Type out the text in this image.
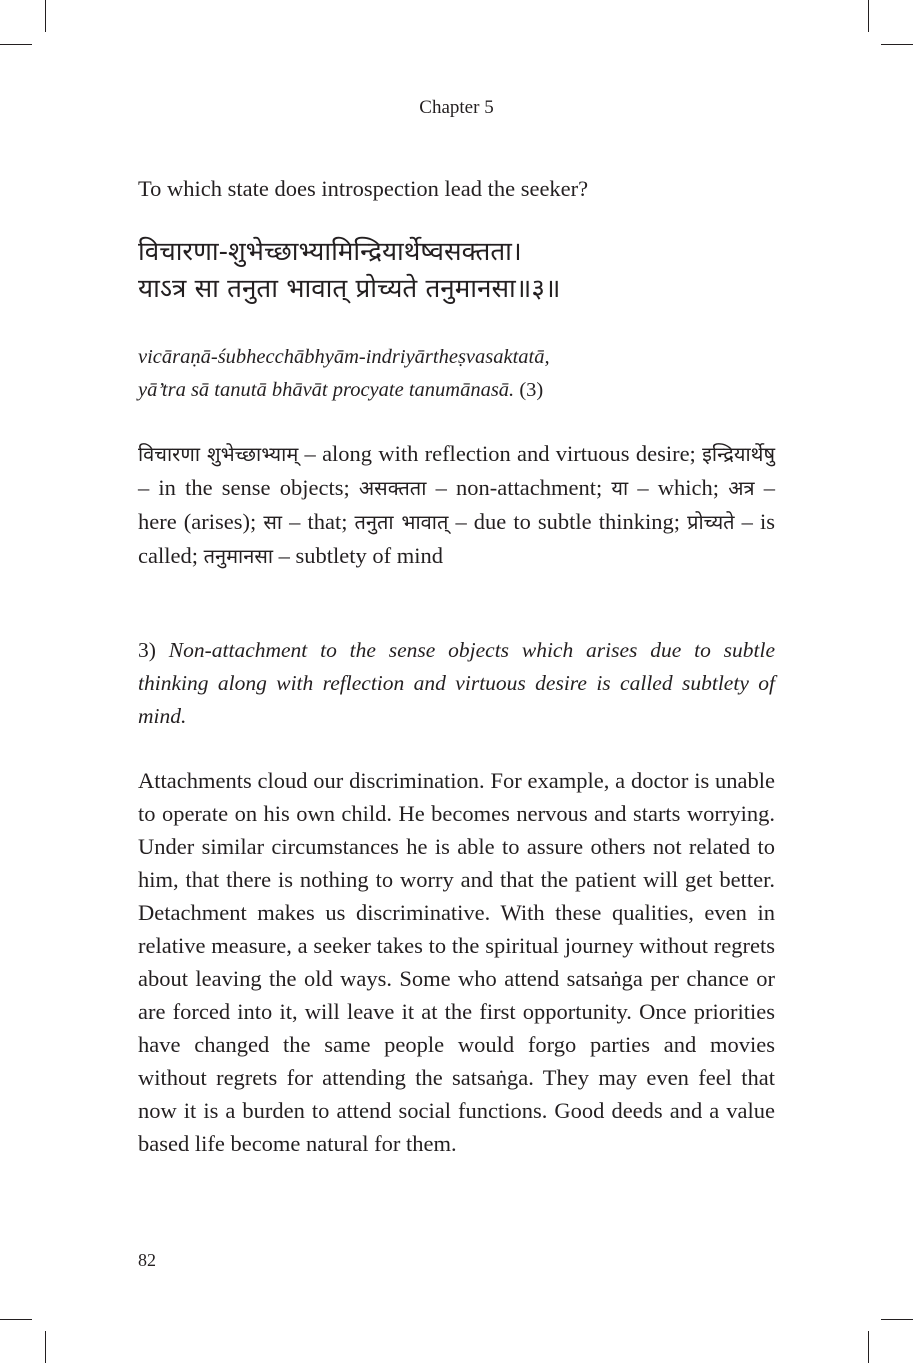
Chapter 5
To which state does introspection lead the seeker?
विचारणा-शुभेच्छाभ्यामिन्द्रियार्थेष्वसक्तता।
याऽत्र सा तनुता भावात् प्रोच्यते तनुमानसा॥३॥
vicāraṇā-śubhecchābhyām-indriyārtheṣvasaktatā,
yā’tra sā tanutā bhāvāt procyate tanumānasā. (3)
विचारणा शुभेच्छाभ्याम् – along with reflection and virtuous desire; इन्द्रियार्थेषु – in the sense objects; असक्तता – non-attachment; या – which; अत्र – here (arises); सा – that; तनुता भावात् – due to subtle thinking; प्रोच्यते – is called; तनुमानसा – subtlety of mind
3) Non-attachment to the sense objects which arises due to subtle thinking along with reflection and virtuous desire is called subtlety of mind.
Attachments cloud our discrimination. For example, a doctor is unable to operate on his own child. He becomes nervous and starts worrying. Under similar circumstances he is able to assure others not related to him, that there is nothing to worry and that the patient will get better. Detachment makes us discriminative. With these qualities, even in relative measure, a seeker takes to the spiritual journey without regrets about leaving the old ways. Some who attend satsaṅga per chance or are forced into it, will leave it at the first opportunity. Once priorities have changed the same people would forgo parties and movies without regrets for attending the satsaṅga. They may even feel that now it is a burden to attend social functions. Good deeds and a value based life become natural for them.
82
